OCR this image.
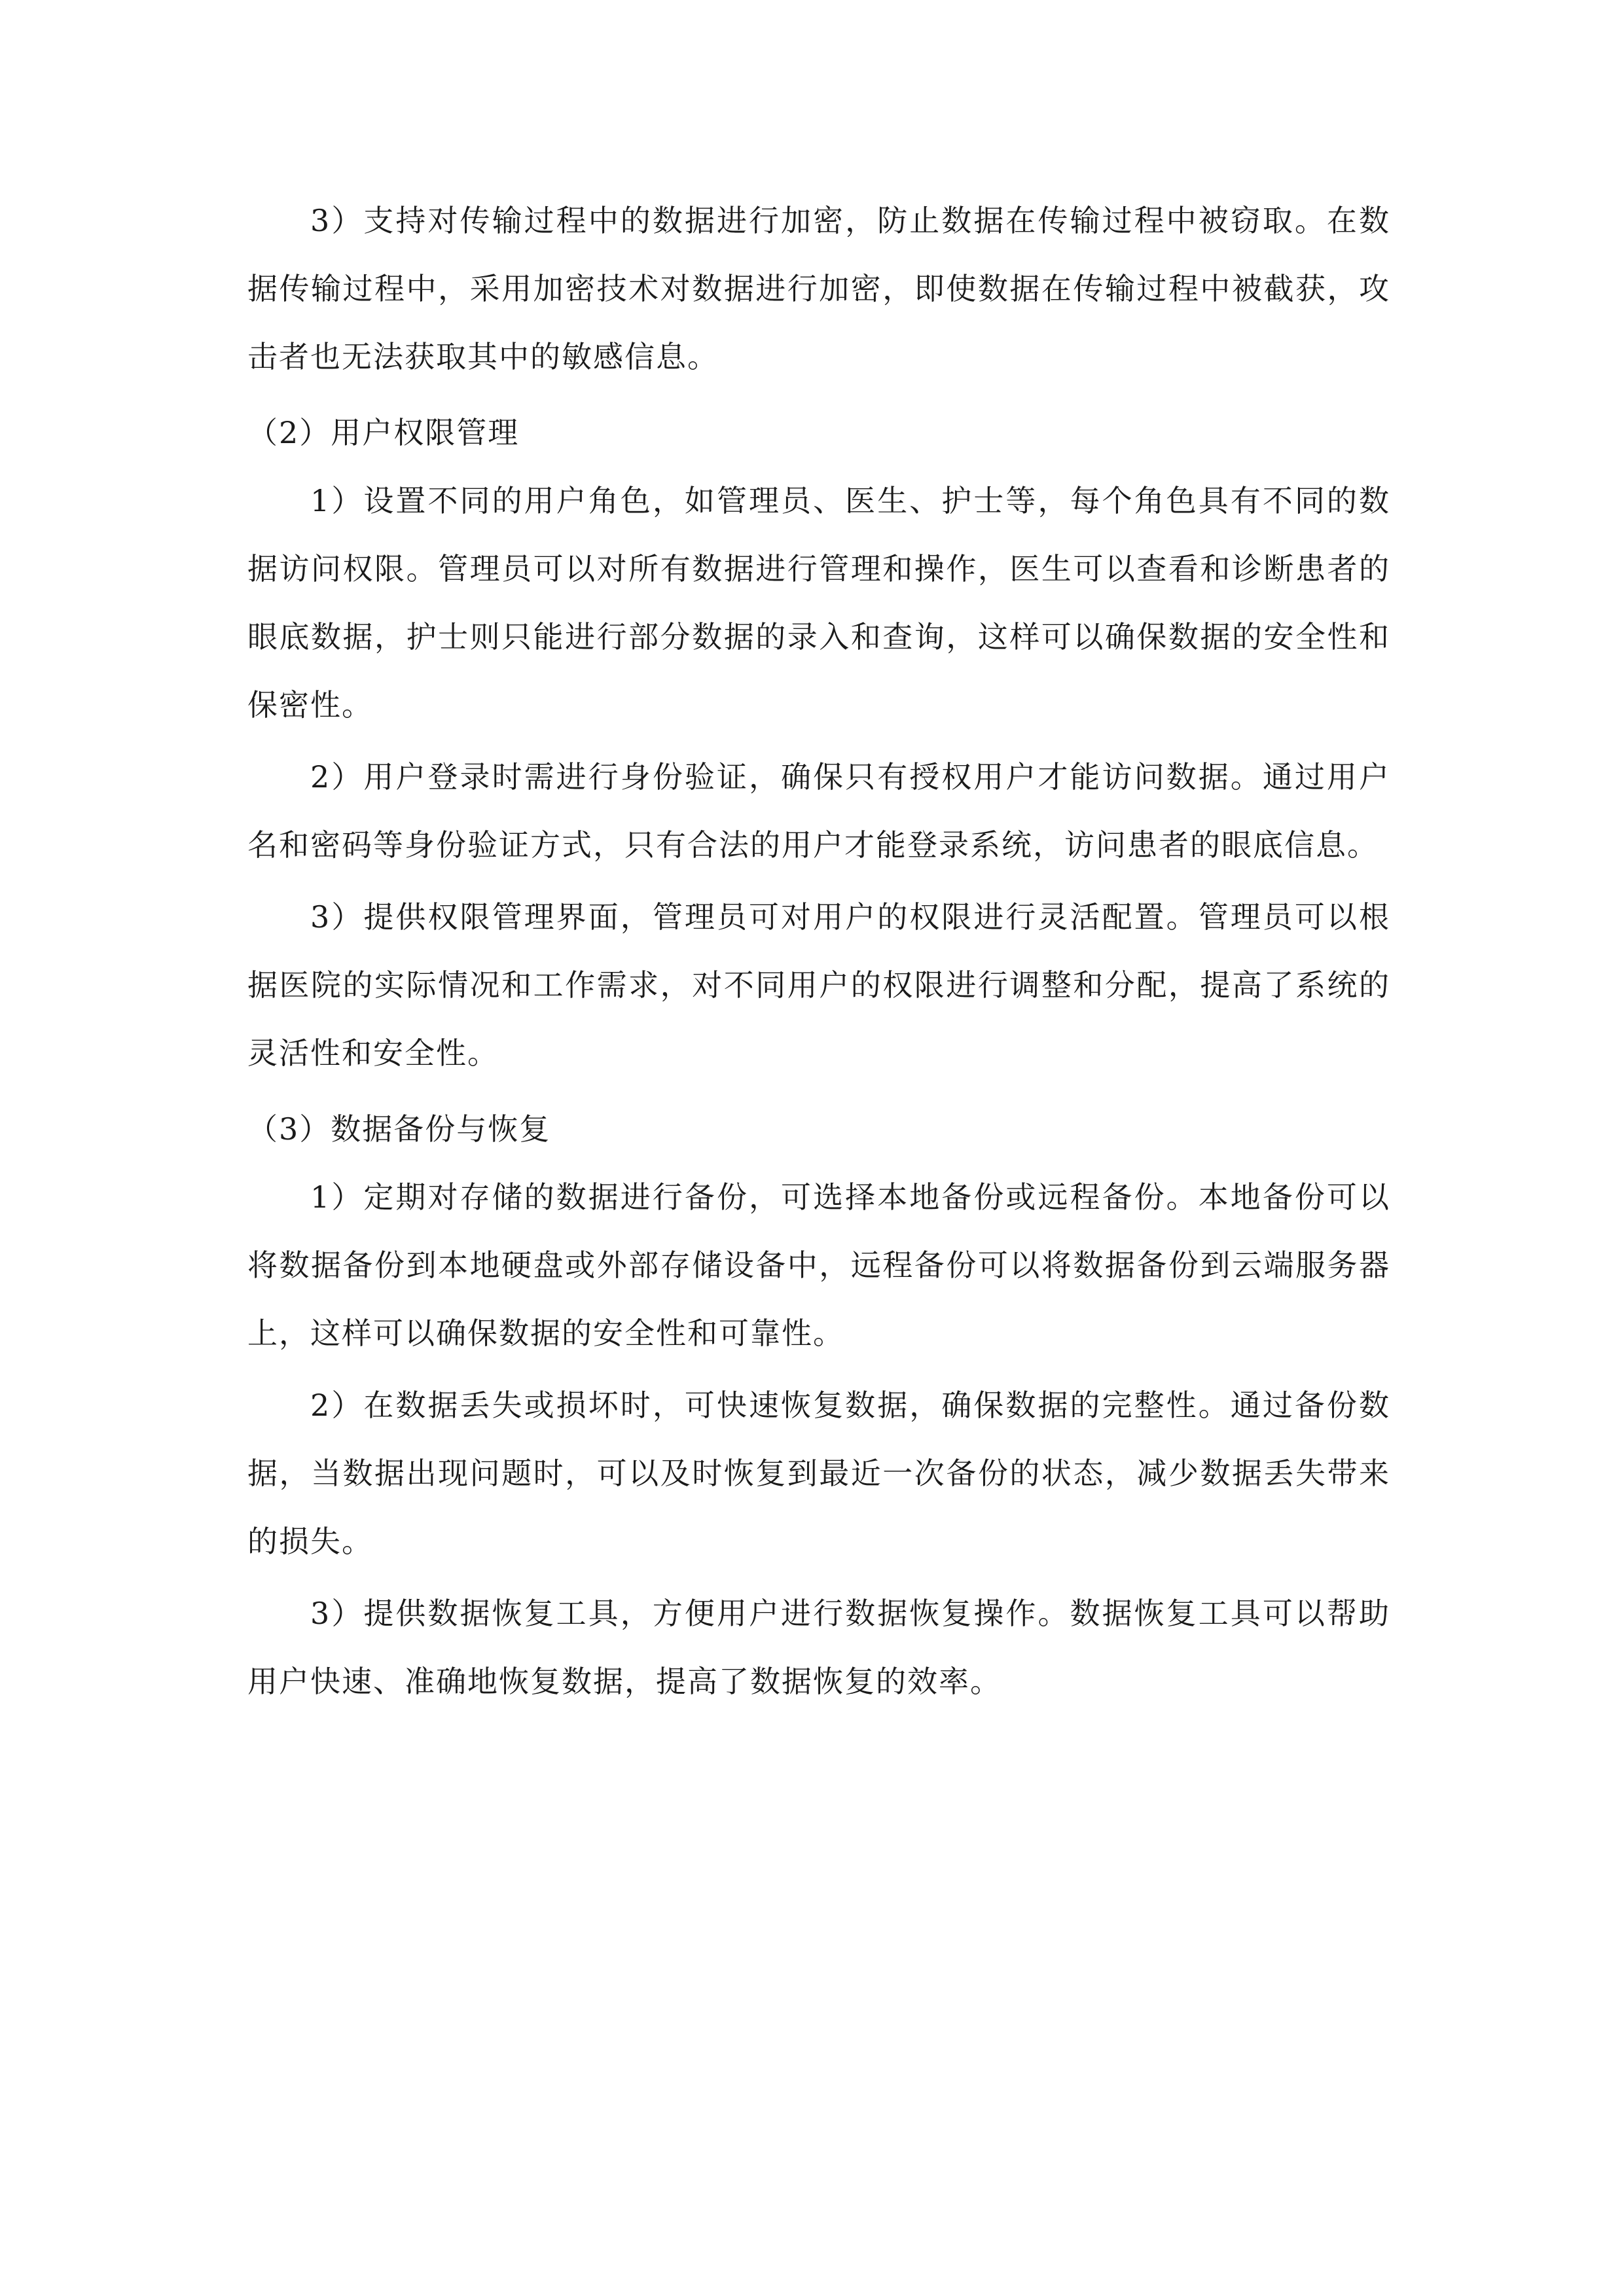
3）支持对传输过程中的数据进行加密，防止数据在传输过程中被窃取。在数据传输过程中，采用加密技术对数据进行加密，即使数据在传输过程中被截获，攻击者也无法获取其中的敏感信息。

（2）用户权限管理

1）设置不同的用户角色，如管理员、医生、护士等，每个角色具有不同的数据访问权限。管理员可以对所有数据进行管理和操作，医生可以查看和诊断患者的眼底数据，护士则只能进行部分数据的录入和查询，这样可以确保数据的安全性和保密性。

2）用户登录时需进行身份验证，确保只有授权用户才能访问数据。通过用户名和密码等身份验证方式，只有合法的用户才能登录系统，访问患者的眼底信息。

3）提供权限管理界面，管理员可对用户的权限进行灵活配置。管理员可以根据医院的实际情况和工作需求，对不同用户的权限进行调整和分配，提高了系统的灵活性和安全性。

（3）数据备份与恢复

1）定期对存储的数据进行备份，可选择本地备份或远程备份。本地备份可以将数据备份到本地硬盘或外部存储设备中，远程备份可以将数据备份到云端服务器上，这样可以确保数据的安全性和可靠性。

2）在数据丢失或损坏时，可快速恢复数据，确保数据的完整性。通过备份数据，当数据出现问题时，可以及时恢复到最近一次备份的状态，减少数据丢失带来的损失。

3）提供数据恢复工具，方便用户进行数据恢复操作。数据恢复工具可以帮助用户快速、准确地恢复数据，提高了数据恢复的效率。
